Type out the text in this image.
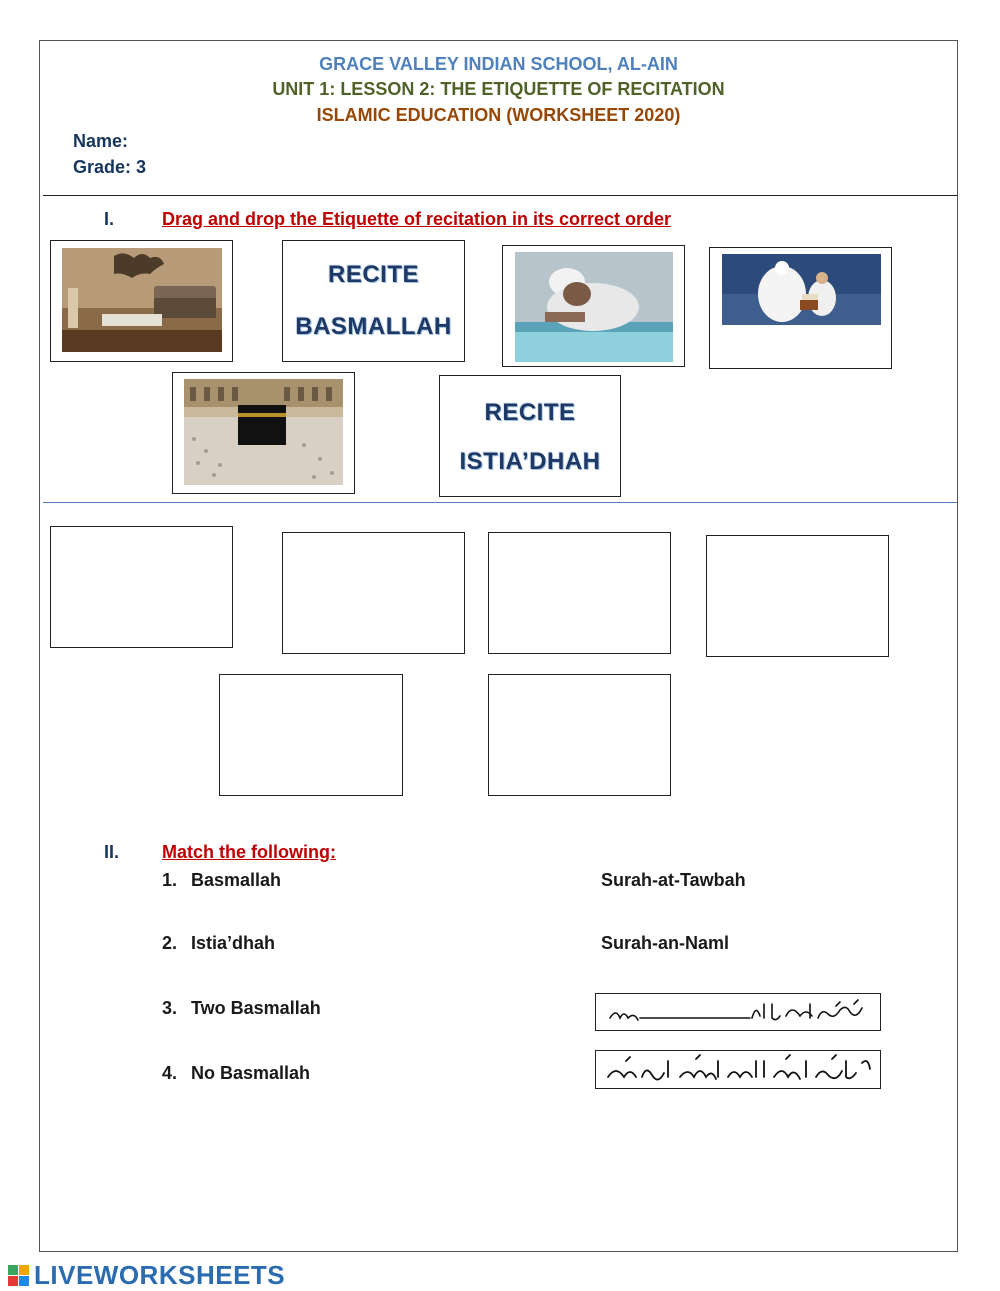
GRACE VALLEY INDIAN SCHOOL, AL-AIN
UNIT 1: LESSON 2: THE ETIQUETTE OF RECITATION
ISLAMIC EDUCATION (WORKSHEET 2020)
Name:
Grade: 3
I.	Drag and drop the Etiquette of recitation in its correct order
RECITE
BASMALLAH
RECITE
ISTIA’DHAH
II. Match the following:
1. Basmallah
2. Istia’dhah
3. Two Basmallah
4. No Basmallah
Surah-at-Tawbah
Surah-an-Naml
LIVEWORKSHEETS
